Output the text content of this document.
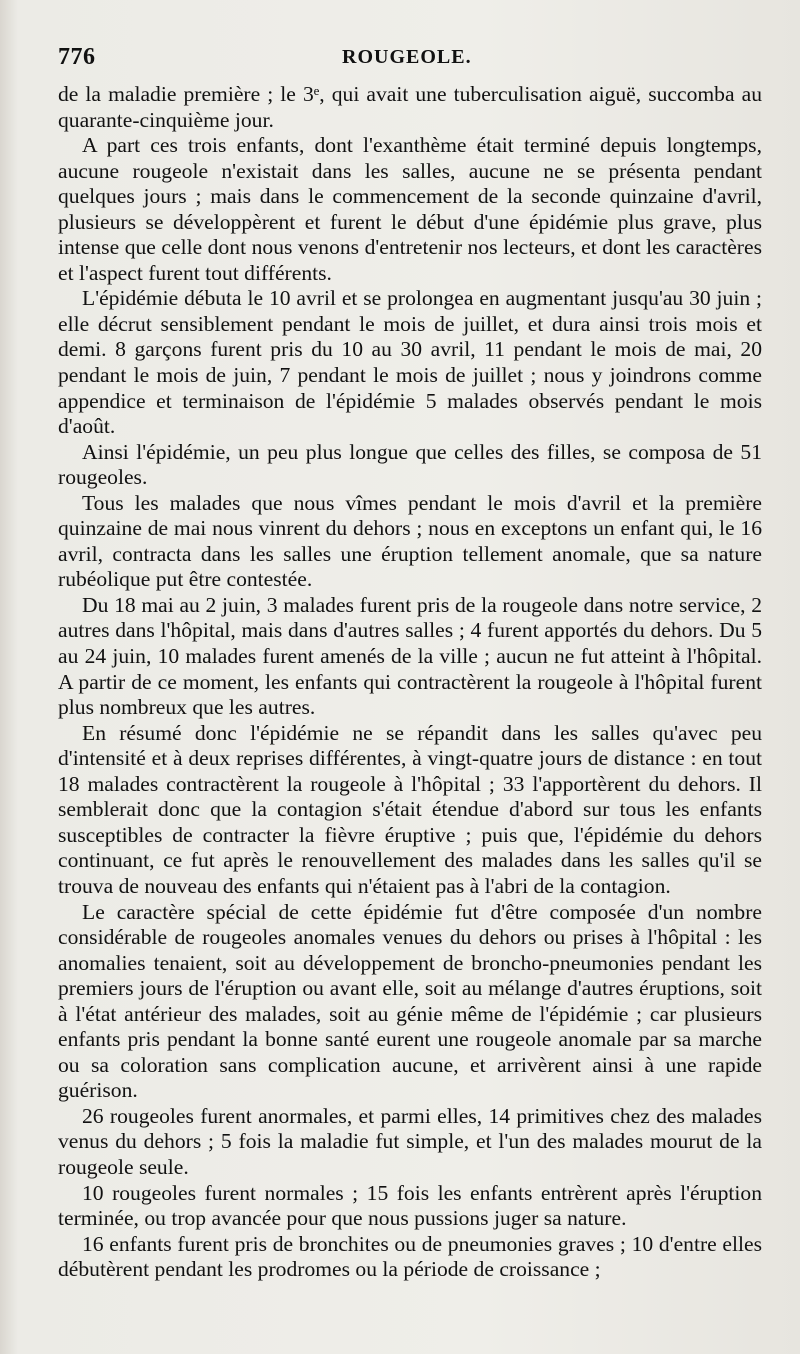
776	ROUGEOLE.

de la maladie première ; le 3ᵉ, qui avait une tuberculisation aiguë, succomba au quarante-cinquième jour.

A part ces trois enfants, dont l'exanthème était terminé depuis longtemps, aucune rougeole n'existait dans les salles, aucune ne se présenta pendant quelques jours ; mais dans le commencement de la seconde quinzaine d'avril, plusieurs se développèrent et furent le début d'une épidémie plus grave, plus intense que celle dont nous venons d'entretenir nos lecteurs, et dont les caractères et l'aspect furent tout différents.

L'épidémie débuta le 10 avril et se prolongea en augmentant jusqu'au 30 juin ; elle décrut sensiblement pendant le mois de juillet, et dura ainsi trois mois et demi. 8 garçons furent pris du 10 au 30 avril, 11 pendant le mois de mai, 20 pendant le mois de juin, 7 pendant le mois de juillet ; nous y joindrons comme appendice et terminaison de l'épidémie 5 malades observés pendant le mois d'août.

Ainsi l'épidémie, un peu plus longue que celles des filles, se composa de 51 rougeoles.

Tous les malades que nous vîmes pendant le mois d'avril et la première quinzaine de mai nous vinrent du dehors ; nous en exceptons un enfant qui, le 16 avril, contracta dans les salles une éruption tellement anomale, que sa nature rubéolique put être contestée.

Du 18 mai au 2 juin, 3 malades furent pris de la rougeole dans notre service, 2 autres dans l'hôpital, mais dans d'autres salles ; 4 furent apportés du dehors. Du 5 au 24 juin, 10 malades furent amenés de la ville ; aucun ne fut atteint à l'hôpital. A partir de ce moment, les enfants qui contractèrent la rougeole à l'hôpital furent plus nombreux que les autres.

En résumé donc l'épidémie ne se répandit dans les salles qu'avec peu d'intensité et à deux reprises différentes, à vingt-quatre jours de distance : en tout 18 malades contractèrent la rougeole à l'hôpital ; 33 l'apportèrent du dehors. Il semblerait donc que la contagion s'était étendue d'abord sur tous les enfants susceptibles de contracter la fièvre éruptive ; puis que, l'épidémie du dehors continuant, ce fut après le renouvellement des malades dans les salles qu'il se trouva de nouveau des enfants qui n'étaient pas à l'abri de la contagion.

Le caractère spécial de cette épidémie fut d'être composée d'un nombre considérable de rougeoles anomales venues du dehors ou prises à l'hôpital : les anomalies tenaient, soit au développement de broncho-pneumonies pendant les premiers jours de l'éruption ou avant elle, soit au mélange d'autres éruptions, soit à l'état antérieur des malades, soit au génie même de l'épidémie ; car plusieurs enfants pris pendant la bonne santé eurent une rougeole anomale par sa marche ou sa coloration sans complication aucune, et arrivèrent ainsi à une rapide guérison.

26 rougeoles furent anormales, et parmi elles, 14 primitives chez des malades venus du dehors ; 5 fois la maladie fut simple, et l'un des malades mourut de la rougeole seule.

10 rougeoles furent normales ; 15 fois les enfants entrèrent après l'éruption terminée, ou trop avancée pour que nous pussions juger sa nature.

16 enfants furent pris de bronchites ou de pneumonies graves ; 10 d'entre elles débutèrent pendant les prodromes ou la période de croissance ;
